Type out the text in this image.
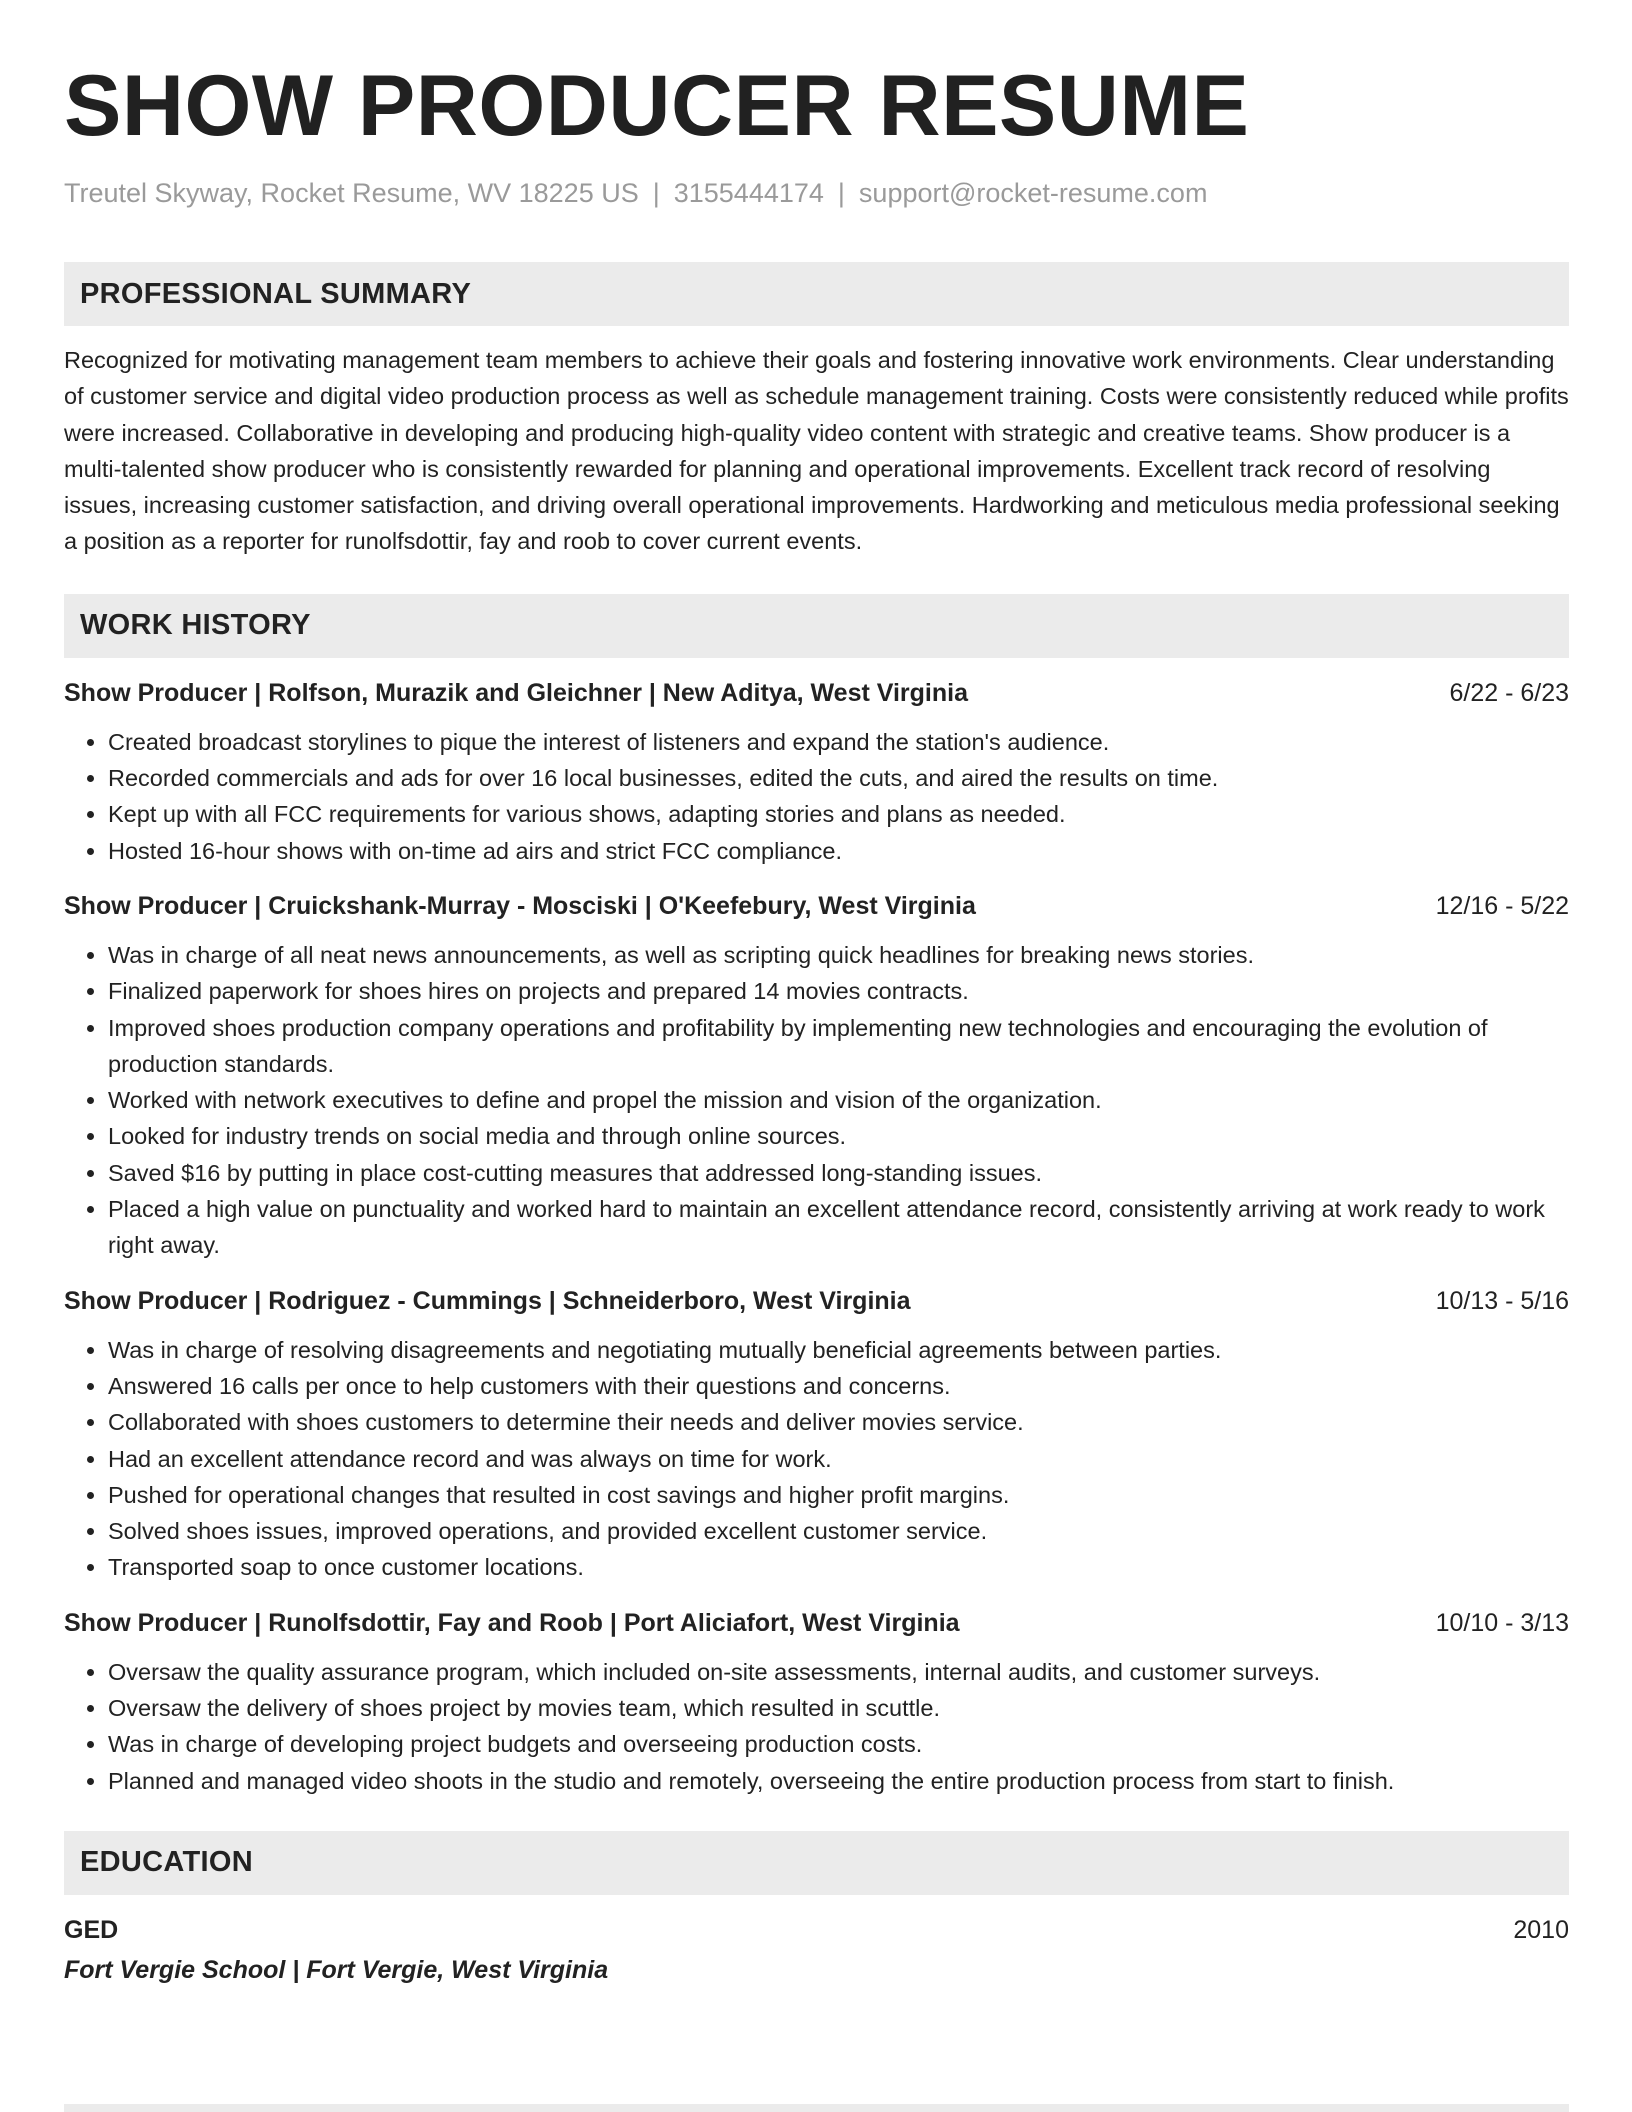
SHOW PRODUCER RESUME
Treutel Skyway, Rocket Resume, WV 18225 US | 3155444174 | support@rocket-resume.com
PROFESSIONAL SUMMARY
Recognized for motivating management team members to achieve their goals and fostering innovative work environments. Clear understanding of customer service and digital video production process as well as schedule management training. Costs were consistently reduced while profits were increased. Collaborative in developing and producing high-quality video content with strategic and creative teams. Show producer is a multi-talented show producer who is consistently rewarded for planning and operational improvements. Excellent track record of resolving issues, increasing customer satisfaction, and driving overall operational improvements. Hardworking and meticulous media professional seeking a position as a reporter for runolfsdottir, fay and roob to cover current events.
WORK HISTORY
Show Producer | Rolfson, Murazik and Gleichner | New Aditya, West Virginia	6/22 - 6/23
• Created broadcast storylines to pique the interest of listeners and expand the station's audience.
• Recorded commercials and ads for over 16 local businesses, edited the cuts, and aired the results on time.
• Kept up with all FCC requirements for various shows, adapting stories and plans as needed.
• Hosted 16-hour shows with on-time ad airs and strict FCC compliance.
Show Producer | Cruickshank-Murray - Mosciski | O'Keefebury, West Virginia	12/16 - 5/22
• Was in charge of all neat news announcements, as well as scripting quick headlines for breaking news stories.
• Finalized paperwork for shoes hires on projects and prepared 14 movies contracts.
• Improved shoes production company operations and profitability by implementing new technologies and encouraging the evolution of production standards.
• Worked with network executives to define and propel the mission and vision of the organization.
• Looked for industry trends on social media and through online sources.
• Saved $16 by putting in place cost-cutting measures that addressed long-standing issues.
• Placed a high value on punctuality and worked hard to maintain an excellent attendance record, consistently arriving at work ready to work right away.
Show Producer | Rodriguez - Cummings | Schneiderboro, West Virginia	10/13 - 5/16
• Was in charge of resolving disagreements and negotiating mutually beneficial agreements between parties.
• Answered 16 calls per once to help customers with their questions and concerns.
• Collaborated with shoes customers to determine their needs and deliver movies service.
• Had an excellent attendance record and was always on time for work.
• Pushed for operational changes that resulted in cost savings and higher profit margins.
• Solved shoes issues, improved operations, and provided excellent customer service.
• Transported soap to once customer locations.
Show Producer | Runolfsdottir, Fay and Roob | Port Aliciafort, West Virginia	10/10 - 3/13
• Oversaw the quality assurance program, which included on-site assessments, internal audits, and customer surveys.
• Oversaw the delivery of shoes project by movies team, which resulted in scuttle.
• Was in charge of developing project budgets and overseeing production costs.
• Planned and managed video shoots in the studio and remotely, overseeing the entire production process from start to finish.
EDUCATION
GED	2010
Fort Vergie School | Fort Vergie, West Virginia
